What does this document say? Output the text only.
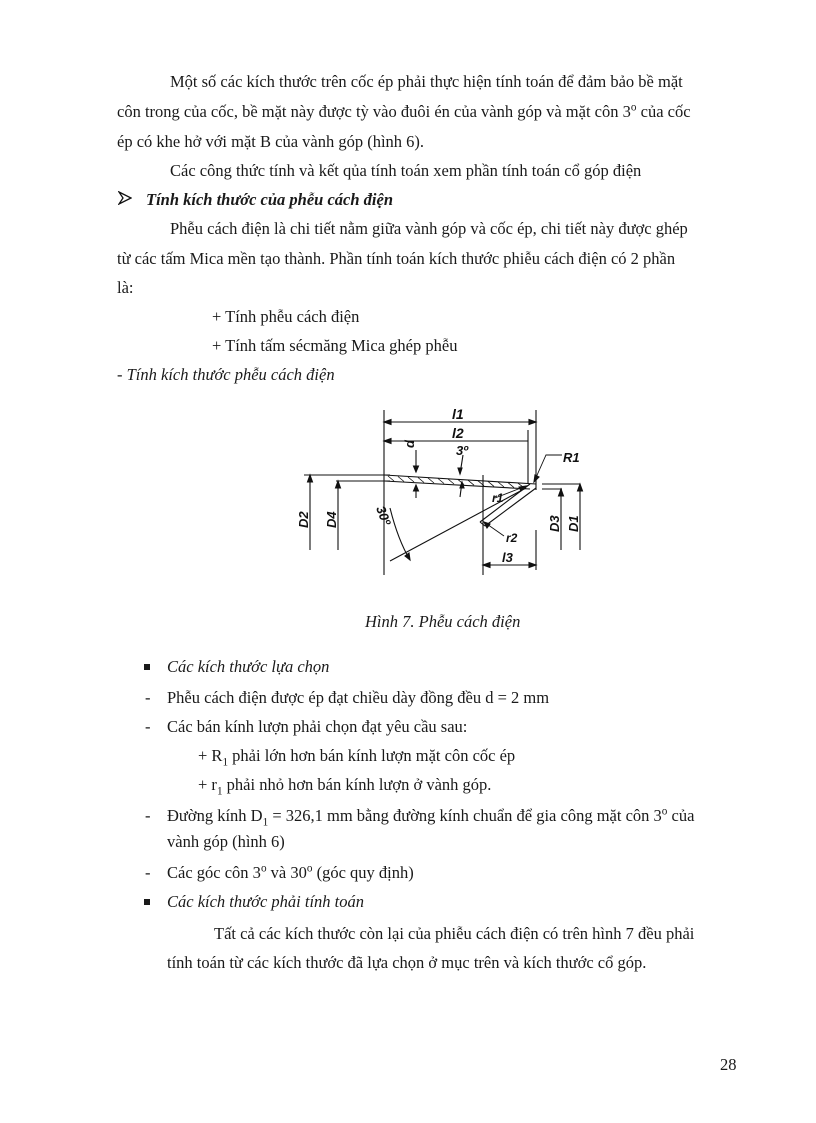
Một số các kích thước trên cốc ép phải thực hiện tính toán để đảm bảo bề mặt
côn trong của cốc, bề mặt này được tỳ vào đuôi én của vành góp và mặt côn 3$^o$ của cốc
ép có khe hở với mặt B của vành góp (hình 6).
Các công thức tính và kết qủa tính toán xem phần tính toán cổ góp điện
Tính kích thước của phễu cách điện
Phễu cách điện là chi tiết nằm giữa vành góp và cốc ép, chi tiết này được ghép
từ các tấm Mica mền tạo thành. Phần tính toán kích thước phiễu cách điện có 2 phần
là:
+ Tính phễu cách điện
+ Tính tấm sécmăng Mica ghép phễu
- Tính kích thước phễu cách điện
l1
l2
3º
d
R1
r1
r2
l3
D2 D4	D3 D1
30º
Hình 7. Phễu cách điện
Các kích thước lựa chọn
- Phễu cách điện được ép đạt chiều dày đồng đều d = 2 mm
- Các bán kính lượn phải chọn đạt yêu cầu sau:
+ $R_1$ phải lớn hơn bán kính lượn mặt côn cốc ép
+ $r_1$ phải nhỏ hơn bán kính lượn ở vành góp.
- Đường kính $D_1 = 326,1$ mm bằng đường kính chuẩn để gia công mặt côn 3$^o$ của
vành góp (hình 6)
- Các góc côn 3$^o$ và 30$^o$ (góc quy định)
Các kích thước phải tính toán
Tất cả các kích thước còn lại của phiễu cách điện có trên hình 7 đều phải
tính toán từ các kích thước đã lựa chọn ở mục trên và kích thước cổ góp.
28
